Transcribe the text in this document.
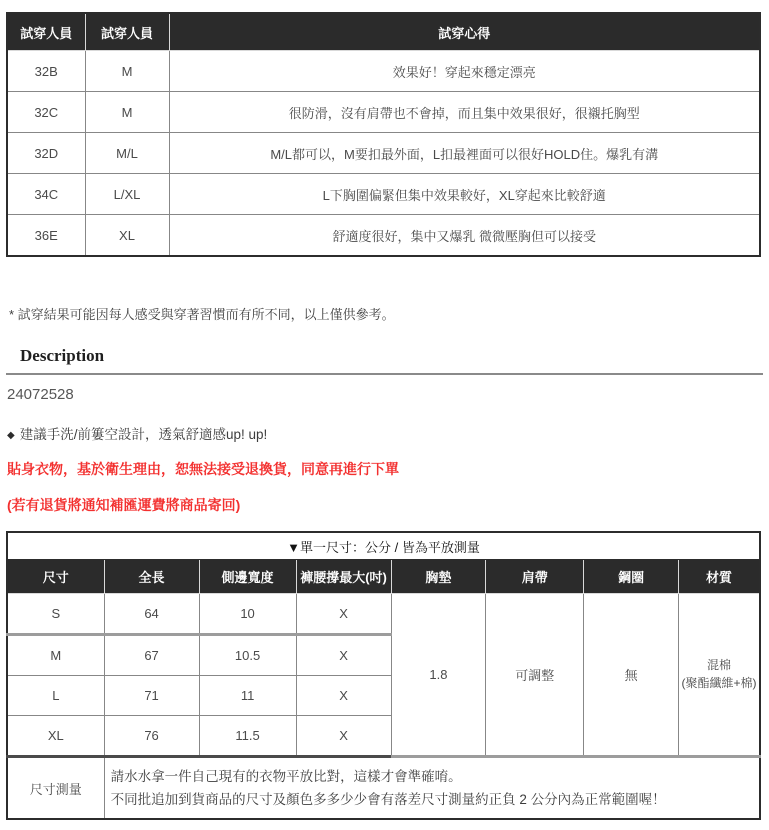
試穿人員	試穿人員	試穿心得
32B	M	效果好！穿起來穩定漂亮
32C	M	很防滑，沒有肩帶也不會掉，而且集中效果很好，很襯托胸型
32D	M/L	M/L都可以，M要扣最外面，L扣最裡面可以很好HOLD住。爆乳有溝
34C	L/XL	L下胸圍偏緊但集中效果較好，XL穿起來比較舒適
36E	XL	舒適度很好，集中又爆乳 微微壓胸但可以接受

* 試穿結果可能因每人感受與穿著習慣而有所不同，以上僅供參考。

Description

24072528

◆ 建議手洗/前簍空設計，透氣舒適感up! up!

貼身衣物，基於衛生理由，恕無法接受退換貨，同意再進行下單

(若有退貨將通知補匯運費將商品寄回)

▼單一尺寸：公分 / 皆為平放測量							
尺寸	全長	側邊寬度	褲腰撐最大(吋)	胸墊	肩帶	鋼圈	材質
S	64	10	X	1.8	可調整	無	混棉
(聚酯纖維+棉)
M	67	10.5	X				
L	71	11	X				
XL	76	11.5	X				
尺寸測量	請水水拿一件自己現有的衣物平放比對，這樣才會準確唷。
不同批追加到貨商品的尺寸及顏色多多少少會有落差尺寸測量約正負 2 公分內為正常範圍喔！						
